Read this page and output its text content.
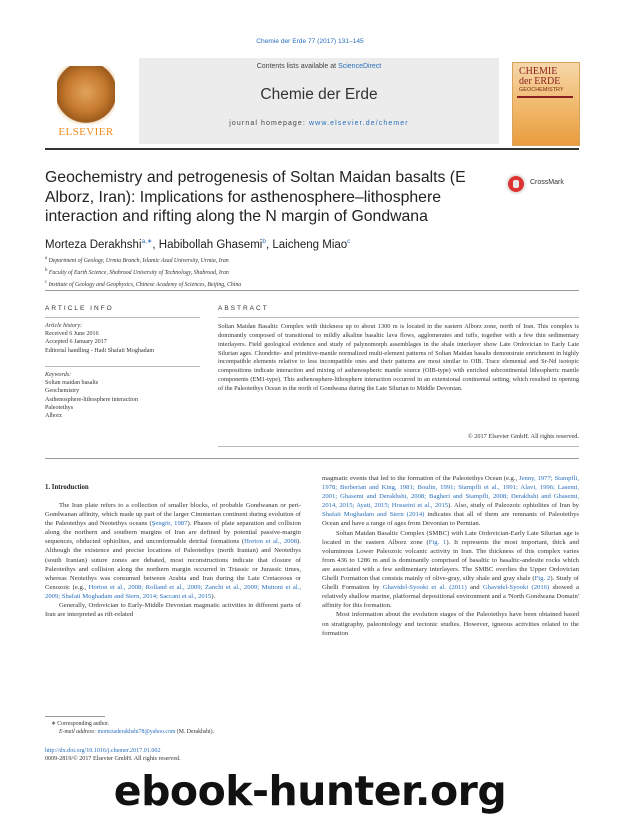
Chemie der Erde 77 (2017) 131–145
ELSEVIER
Contents lists available at ScienceDirect
Chemie der Erde
journal homepage: www.elsevier.de/chemer
CHEMIE
der ERDE
GEOCHEMISTRY
Geochemistry and petrogenesis of Soltan Maidan basalts (E Alborz, Iran): Implications for asthenosphere–lithosphere interaction and rifting along the N margin of Gondwana
CrossMark
Morteza Derakhshi$^{a,∗}$, Habibollah Ghasemi$^b$, Laicheng Miao$^c$
$^a$ Department of Geology, Urmia Branch, Islamic Azad University, Urmia, Iran
$^b$ Faculty of Earth Science, Shahrood University of Technology, Shahrood, Iran
$^c$ Institute of Geology and Geophysics, Chinese Academy of Sciences, Beijing, China
ARTICLE INFO	ABSTRACT
Article history:
Received 6 June 2016
Accepted 6 January 2017
Editorial handling - Hadi Shafaii Moghadam
Keywords:
Soltan maidan basalts
Geochemistry
Asthenosphere-lithosphere interaction
Paleotethys
Alborz
Soltan Maidan Basaltic Complex with thickness up to about 1300 m is located in the eastern Alborz zone, north of Iran. This complex is dominantly composed of transitional to mildly alkaline basaltic lava flows, agglomerates and tuffs, together with a few thin sedimentary interlayers. Field geological evidence and study of palynomorph assemblages in the shale interlayer show Late Ordovician to Early Late Silurian ages. Chondrite- and primitive-mantle normalized multi-element patterns of Soltan Maidan basalts demonstrate enrichment in highly incompatible elements relative to less incompatible ones and their patterns are most similar to OIB. Trace elemental and Sr-Nd isotopic compositions indicate interaction and mixing of asthenospheric mantle source (OIB-type) with enriched subcontinental lithospheric mantle components (EM1-type). This asthenosphere-lithosphere interaction occurred in an extensional continental setting, which resulted in opening of the Paleotethys Ocean in the north of Gondwana during the Late Silurian to Middle Devonian.
© 2017 Elsevier GmbH. All rights reserved.
1. Introduction

The Iran plate refers to a collection of smaller blocks, of probable Gondwanan or peri-Gondwanan affinity, which made up part of the larger Cimmerian continent during evolution of the Paleotethys and Neotethys oceans (Şengör, 1987). Phases of plate separation and collision along the northern and southern margins of Iran are defined by potential passive-margin sequences, obducted ophiolites, and unconformable detrital formations (Horton et al., 2008). Although the existence and precise locations of Paleotethys (north Iranian) and Neotethys (south Iranian) suture zones are debated, most reconstructions indicate that closure of Paleotethys and collision along the northern margin occurred in Triassic or Jurassic times, whereas Neotethys was consumed between Arabia and Iran during the Late Cretaceous or Cenozoic (e.g., Horton et al., 2008; Rolland et al., 2009; Zanchi et al., 2009; Muttoni et al., 2009; Shafaii Moghadam and Stern, 2014; Saccani et al., 2015).

Generally, Ordovician to Early-Middle Devonian magmatic activities in different parts of Iran are interpreted as rift-related

magmatic events that led to the formation of the Paleotethys Ocean (e.g., Jenny, 1977; Stampfli, 1978; Berberian and King, 1981; Boulin, 1991; Stampfli et al., 1991; Alavi, 1996; Lasemi, 2001; Ghasemi and Derakhshi, 2008; Bagheri and Stampfli, 2008; Derakhshi and Ghasemi, 2014, 2015; Ayati, 2015; Hosseini et al., 2015). Also, study of Paleozoic ophiolites of Iran by Shafaii Moghadam and Stern (2014) indicates that all of them are remnants of Paleotethys Ocean and have a range of ages from Devonian to Permian.

Soltan Maidan Basaltic Complex (SMBC) with Late Ordovician-Early Late Silurian age is located in the eastern Alborz zone (Fig. 1). It represents the most important, thick and voluminous Lower Paleozoic volcanic activity in Iran. The thickness of this complex varies from 436 to 1286 m and is dominantly comprised of basaltic to basaltic-andesite rocks which are associated with a few sedimentary interlayers. The SMBC overlies the Upper Ordovician Ghelli Formation that consists mainly of olive-gray, silty shale and gray shale (Fig. 2). Study of Ghelli Formation by Ghavidel-Syooki et al. (2011) and Ghavidel-Syooki (2016) showed a relatively shallow marine, platformal depositional environment and a 'North Gondwana Domain' affinity for this formation.

Most information about the evolution stages of the Paleotethys have been obtained based on stratigraphy, paleontology and tectonic studies. However, igneous activities related to the formation

∗ Corresponding author.
E-mail address: mortezaderakhshi78@yahoo.com (M. Derakhshi).
http://dx.doi.org/10.1016/j.chemer.2017.01.002
0009-2819/© 2017 Elsevier GmbH. All rights reserved.
ebook-hunter.org
